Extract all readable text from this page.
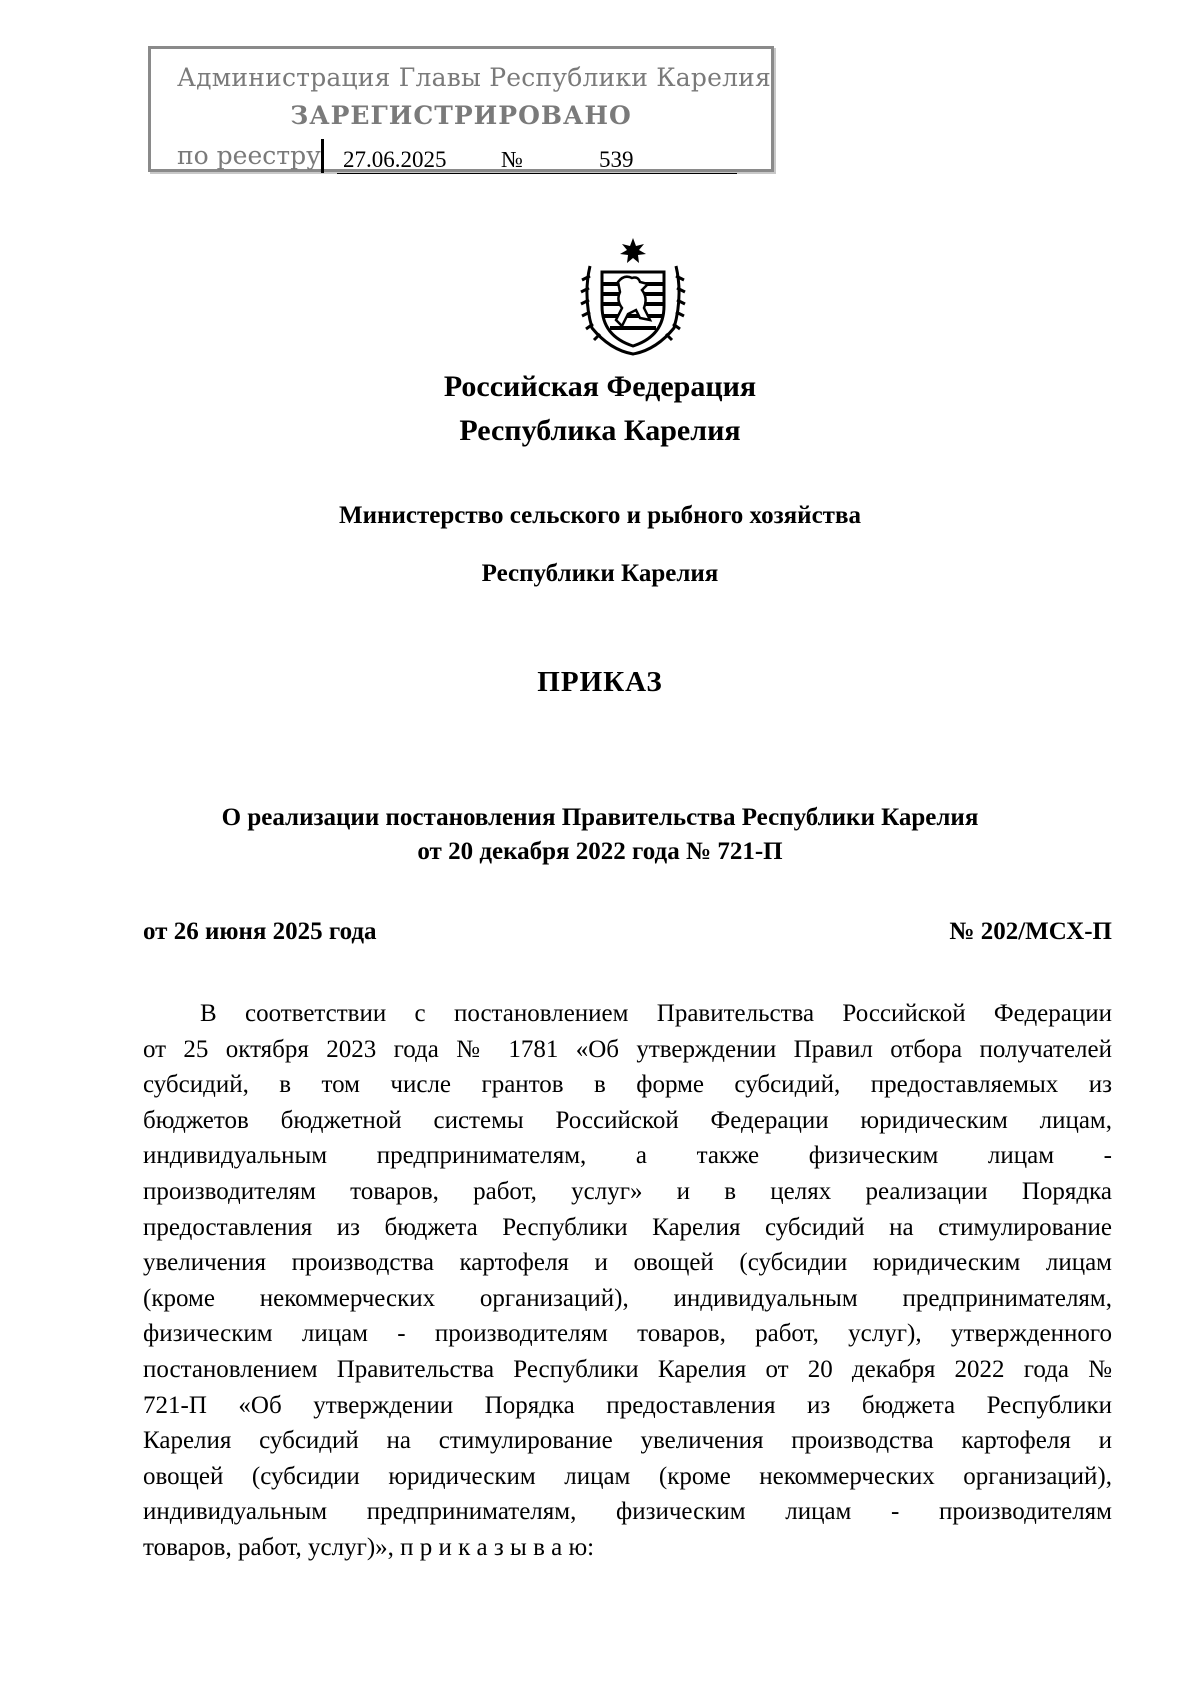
Администрация Главы Республики Карелия
ЗАРЕГИСТРИРОВАНО
по реестру 27.06.2025 №	539
Российская Федерация
Республика Карелия
Министерство сельского и рыбного хозяйства
Республики Карелия
ПРИКАЗ
О реализации постановления Правительства Республики Карелия
от 20 декабря 2022 года № 721-П
от 26 июня 2025 года	№ 202/МСХ-П
В соответствии с постановлением Правительства Российской Федерации
от 25 октября 2023 года № 1781 «Об утверждении Правил отбора получателей
субсидий, в том числе грантов в форме субсидий, предоставляемых из
бюджетов бюджетной системы Российской Федерации юридическим лицам,
индивидуальным предпринимателям, а также физическим лицам -
производителям товаров, работ, услуг» и в целях реализации Порядка
предоставления из бюджета Республики Карелия субсидий на стимулирование
увеличения производства картофеля и овощей (субсидии юридическим лицам
(кроме некоммерческих организаций), индивидуальным предпринимателям,
физическим лицам - производителям товаров, работ, услуг), утвержденного
постановлением Правительства Республики Карелия от 20 декабря 2022 года №
721-П «Об утверждении Порядка предоставления из бюджета Республики
Карелия субсидий на стимулирование увеличения производства картофеля и
овощей (субсидии юридическим лицам (кроме некоммерческих организаций),
индивидуальным предпринимателям, физическим лицам - производителям
товаров, работ, услуг)», п р и к а з ы в а ю:
